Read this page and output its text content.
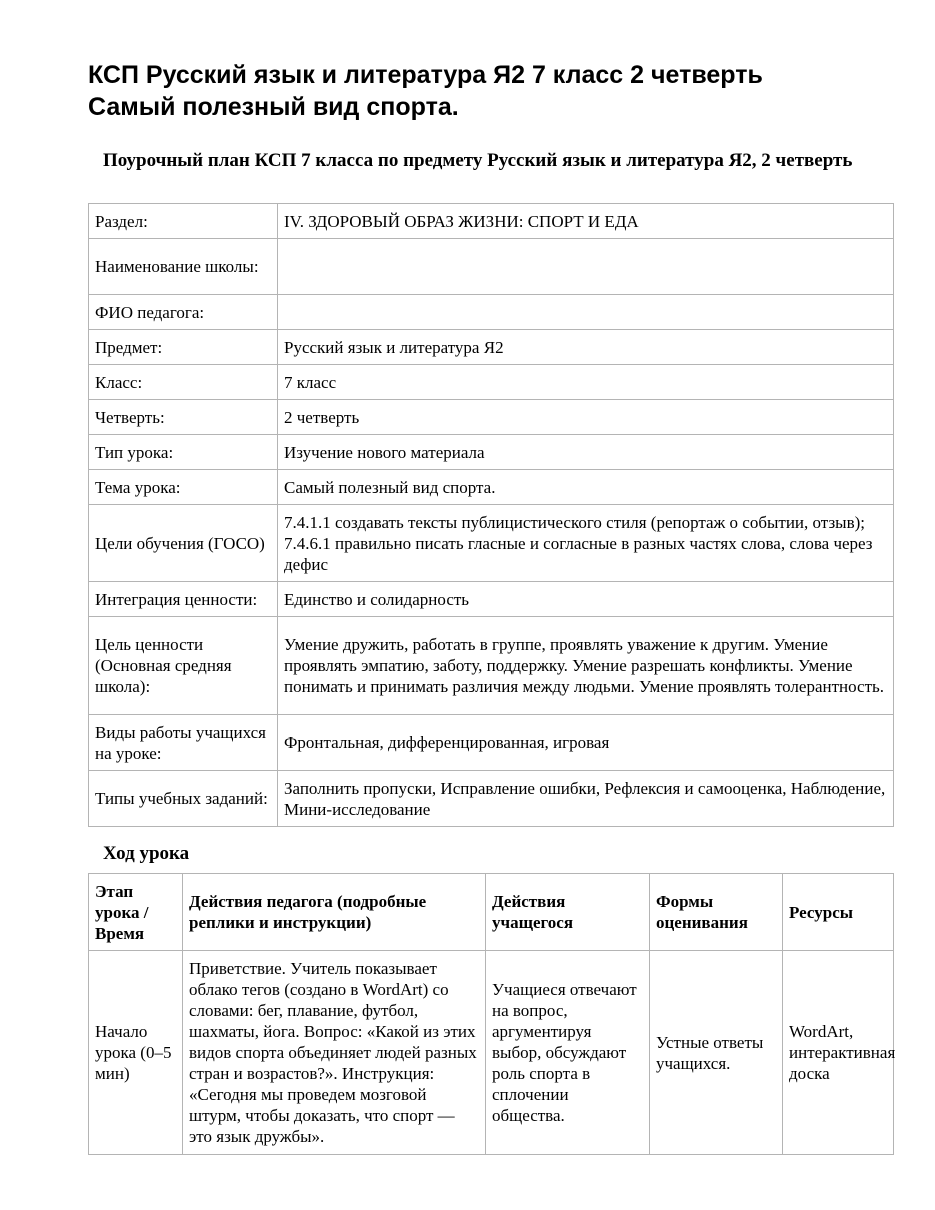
КСП Русский язык и литература Я2 7 класс 2 четверть
Самый полезный вид спорта.
Поурочный план КСП 7 класса по предмету Русский язык и литература Я2, 2 четверть
Раздел:	IV. ЗДОРОВЫЙ ОБРАЗ ЖИЗНИ: СПОРТ И ЕДА
Наименование школы:	
ФИО педагога:	
Предмет:	Русский язык и литература Я2
Класс:	7 класс
Четверть:	2 четверть
Тип урока:	Изучение нового материала
Тема урока:	Самый полезный вид спорта.
Цели обучения (ГОСО)	7.4.1.1 создавать тексты публицистического стиля (репортаж о событии, отзыв); 7.4.6.1 правильно писать гласные и согласные в разных частях слова, слова через дефис
Интеграция ценности:	Единство и солидарность
Цель ценности (Основная средняя школа):	Умение дружить, работать в группе, проявлять уважение к другим. Умение проявлять эмпатию, заботу, поддержку. Умение разрешать конфликты. Умение понимать и принимать различия между людьми. Умение проявлять толерантность.
Виды работы учащихся на уроке:	Фронтальная, дифференцированная, игровая
Типы учебных заданий:	Заполнить пропуски, Исправление ошибки, Рефлексия и самооценка, Наблюдение, Мини-исследование
Ход урока
Этап урока / Время	Действия педагога (подробные реплики и инструкции)	Действия учащегося	Формы оценивания	Ресурсы
Начало урока (0–5 мин)	Приветствие. Учитель показывает облако тегов (создано в WordArt) со словами: бег, плавание, футбол, шахматы, йога. Вопрос: «Какой из этих видов спорта объединяет людей разных стран и возрастов?». Инструкция: «Сегодня мы проведем мозговой штурм, чтобы доказать, что спорт — это язык дружбы».	Учащиеся отвечают на вопрос, аргументируя выбор, обсуждают роль спорта в сплочении общества.	Устные ответы учащихся.	WordArt, интерактивная доска
